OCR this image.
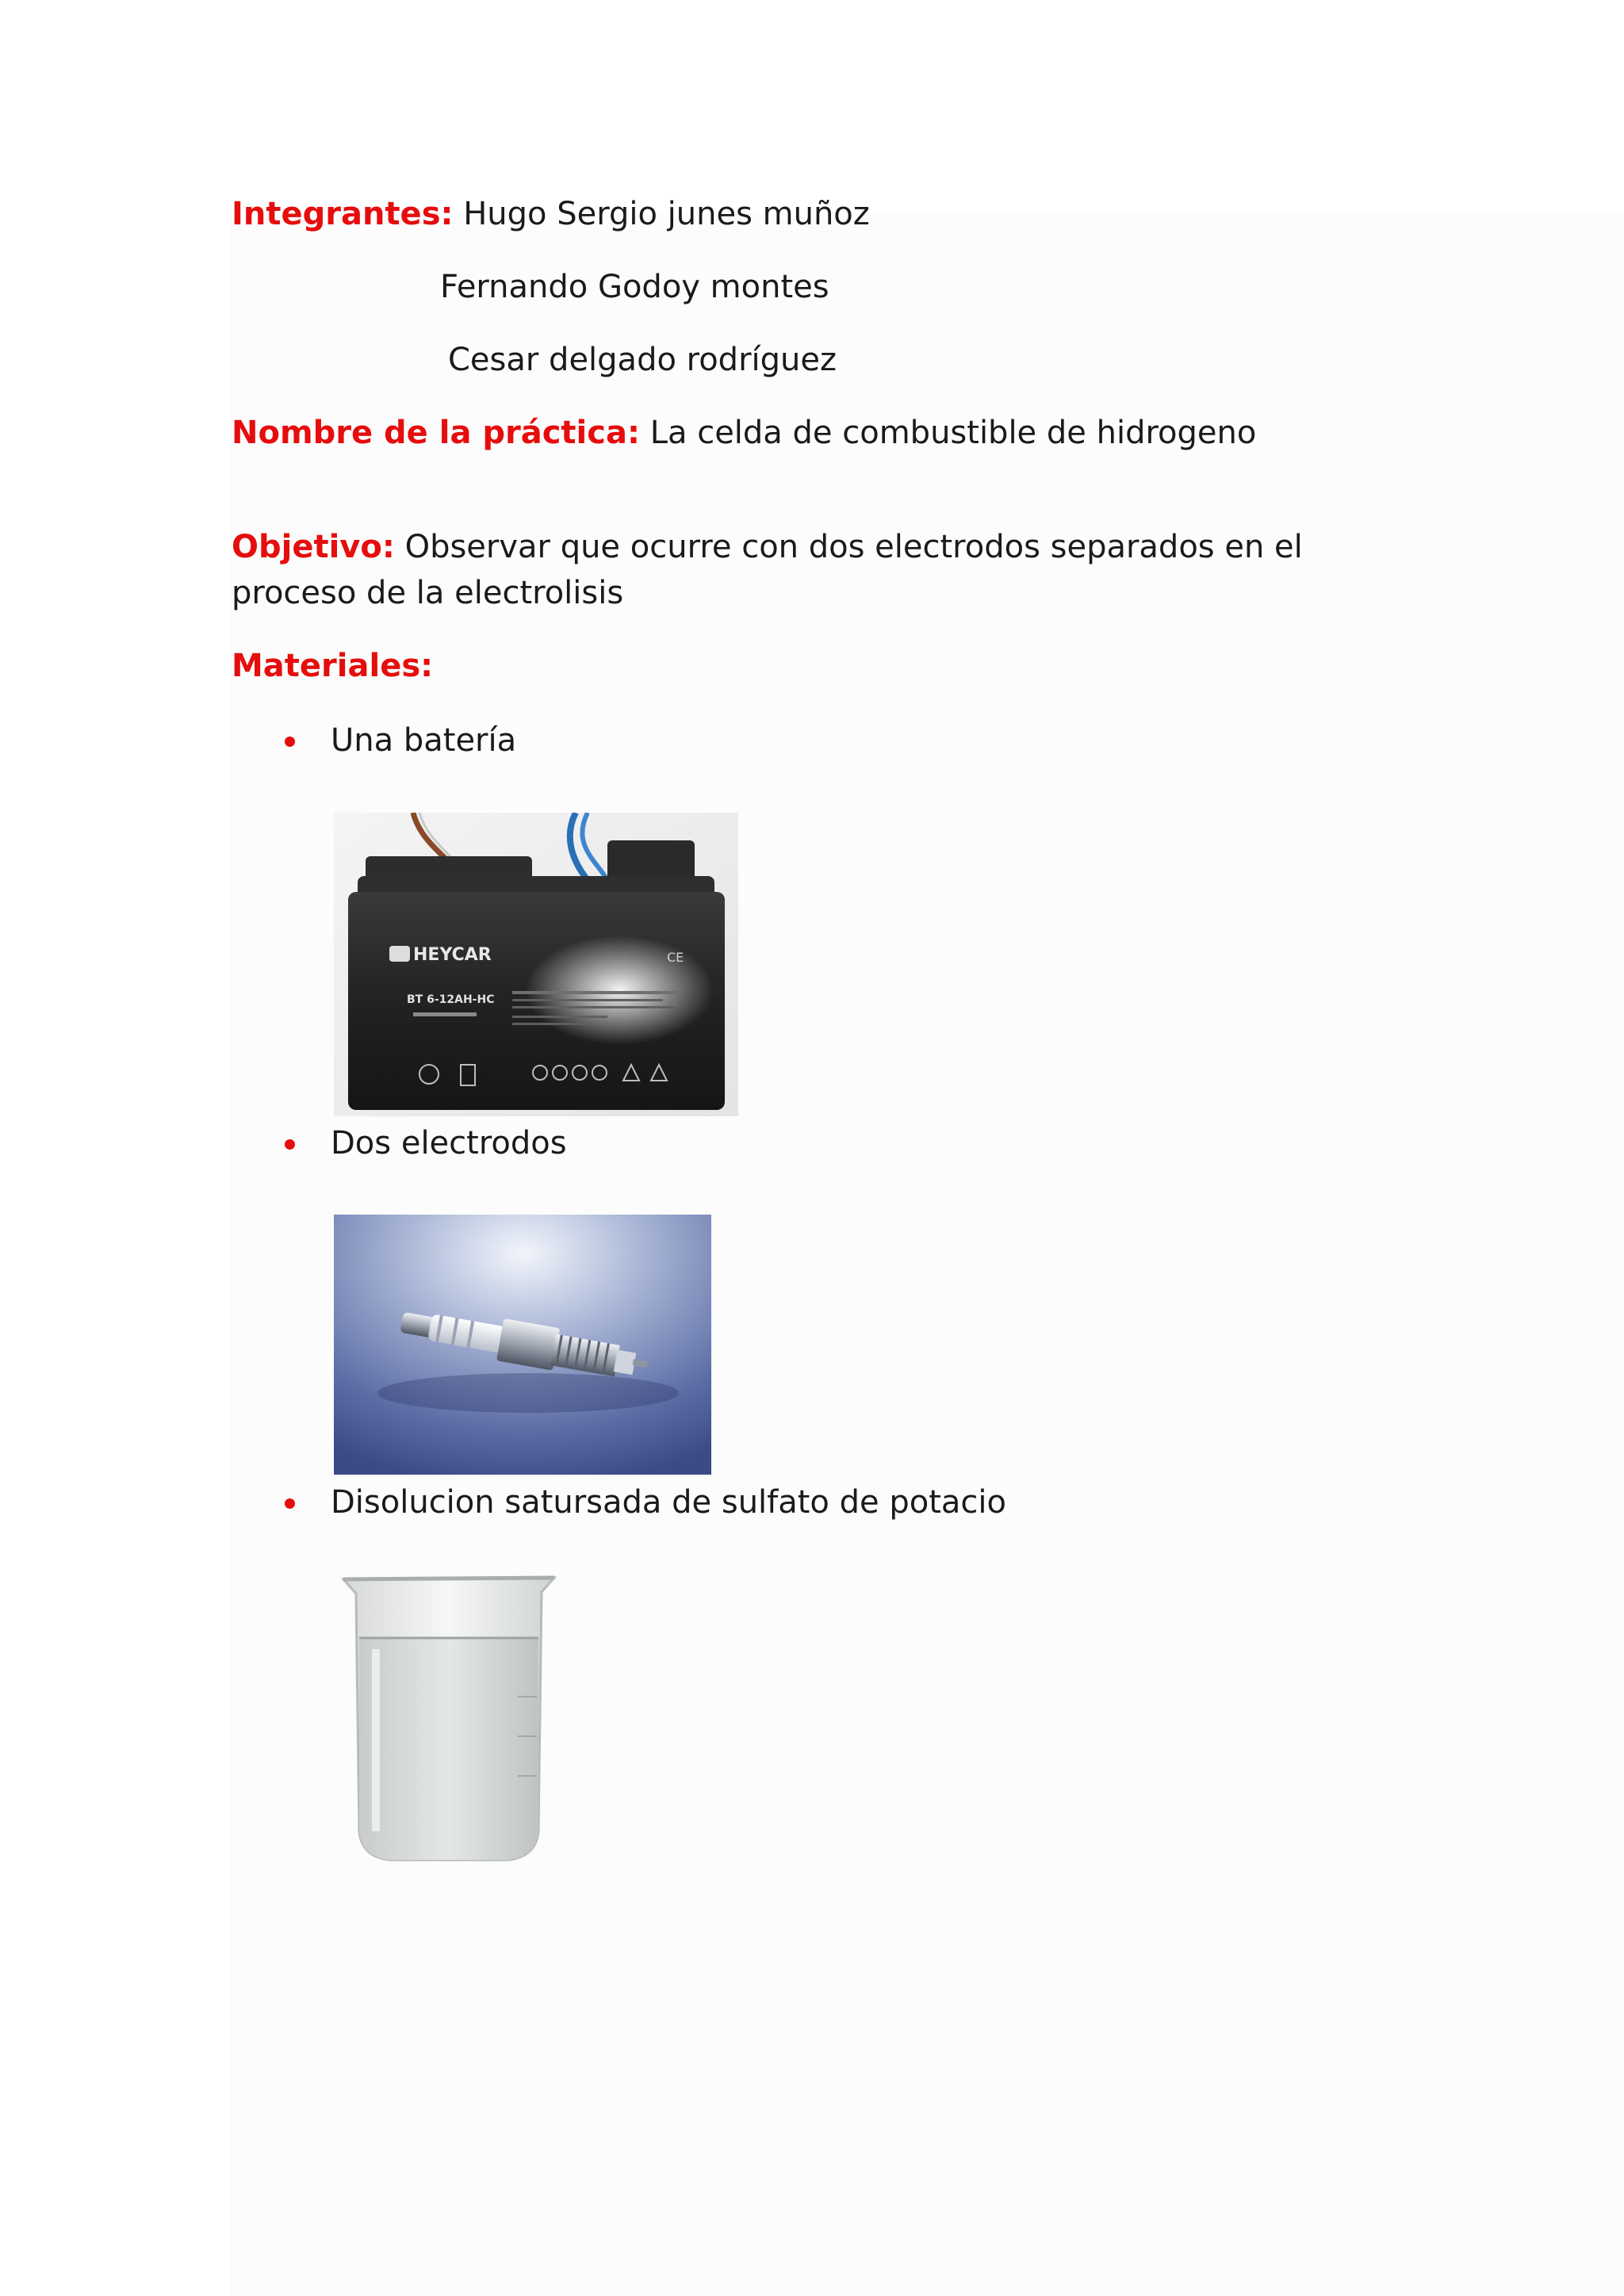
Integrantes: Hugo Sergio junes muñoz
Fernando Godoy montes
Cesar delgado rodríguez
Nombre de la práctica: La celda de combustible de hidrogeno
Objetivo: Observar que ocurre con dos electrodos separados en el
proceso de la electrolisis
Materiales:
Una batería
HEYCAR
BT 6-12AH-HC
CE
Dos electrodos
Disolucion satursada de sulfato de potacio
